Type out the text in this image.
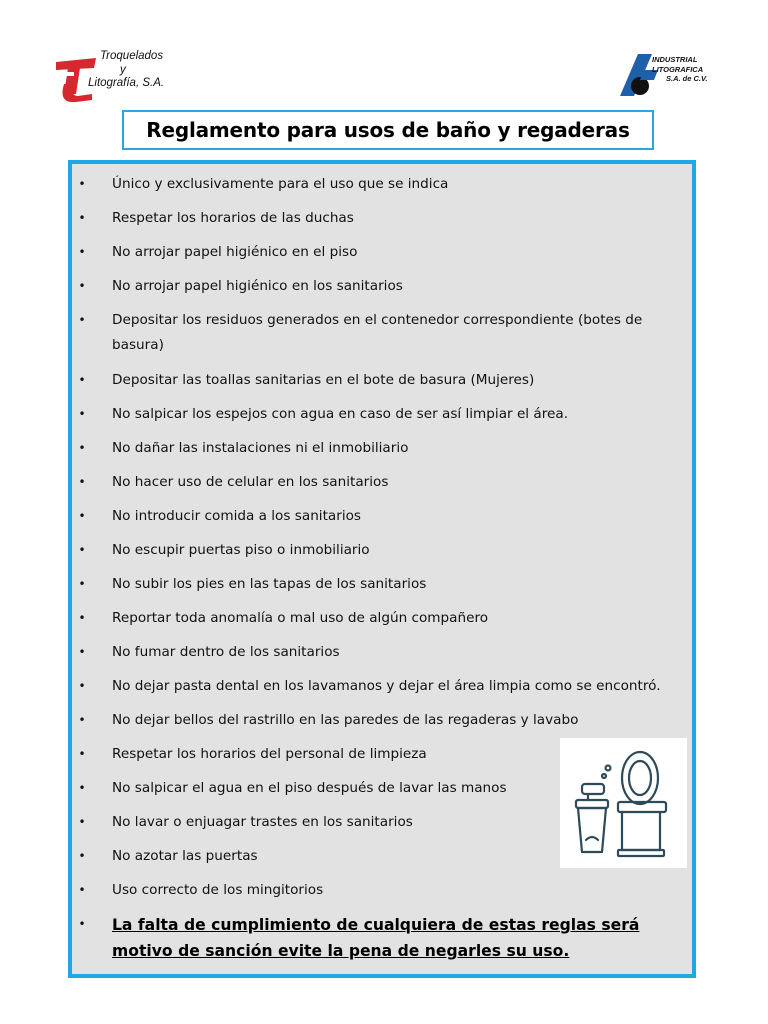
Troquelados
y
Litografía, S.A.
INDUSTRIAL
LITOGRAFICA
S.A. de C.V.
Reglamento para usos de baño y regaderas
• Único y exclusivamente para el uso que se indica
• Respetar los horarios de las duchas
• No arrojar papel higiénico en el piso
• No arrojar papel higiénico en los sanitarios
• Depositar los residuos generados en el contenedor correspondiente (botes de basura)
• Depositar las toallas sanitarias en el bote de basura (Mujeres)
• No salpicar los espejos con agua en caso de ser así limpiar el área.
• No dañar las instalaciones ni el inmobiliario
• No hacer uso de celular en los sanitarios
• No introducir comida a los sanitarios
• No escupir puertas piso o inmobiliario
• No subir los pies en las tapas de los sanitarios
• Reportar toda anomalía o mal uso de algún compañero
• No fumar dentro de los sanitarios
• No dejar pasta dental en los lavamanos y dejar el área limpia como se encontró.
• No dejar bellos del rastrillo en las paredes de las regaderas y lavabo
• Respetar los horarios del personal de limpieza
• No salpicar el agua en el piso después de lavar las manos
• No lavar o enjuagar trastes en los sanitarios
• No azotar las puertas
• Uso correcto de los mingitorios
• La falta de cumplimiento de cualquiera de estas reglas será motivo de sanción evite la pena de negarles su uso.
